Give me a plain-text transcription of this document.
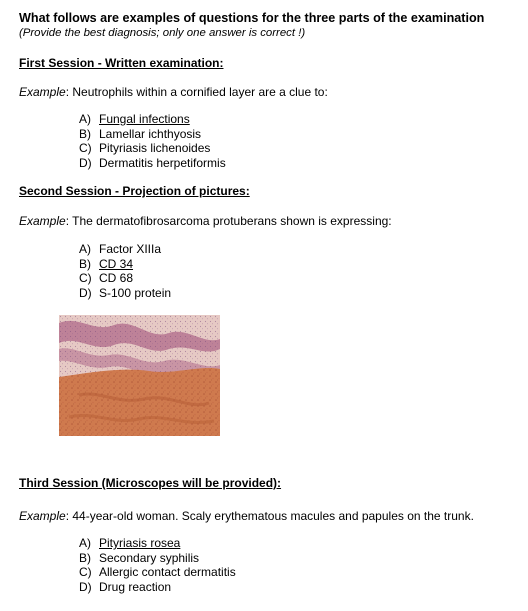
What follows are examples of questions for the three parts of the examination
(Provide the best diagnosis; only one answer is correct !)
First Session - Written examination:
Example: Neutrophils within a cornified layer are a clue to:
A) Fungal infections
B) Lamellar ichthyosis
C) Pityriasis lichenoides
D) Dermatitis herpetiformis
Second Session - Projection of pictures:
Example: The dermatofibrosarcoma protuberans shown is expressing:
A) Factor XIIIa
B) CD 34
C) CD 68
D) S-100 protein
Third Session (Microscopes will be provided):
Example: 44-year-old woman. Scaly erythematous macules and papules on the trunk.
A) Pityriasis rosea
B) Secondary syphilis
C) Allergic contact dermatitis
D) Drug reaction
